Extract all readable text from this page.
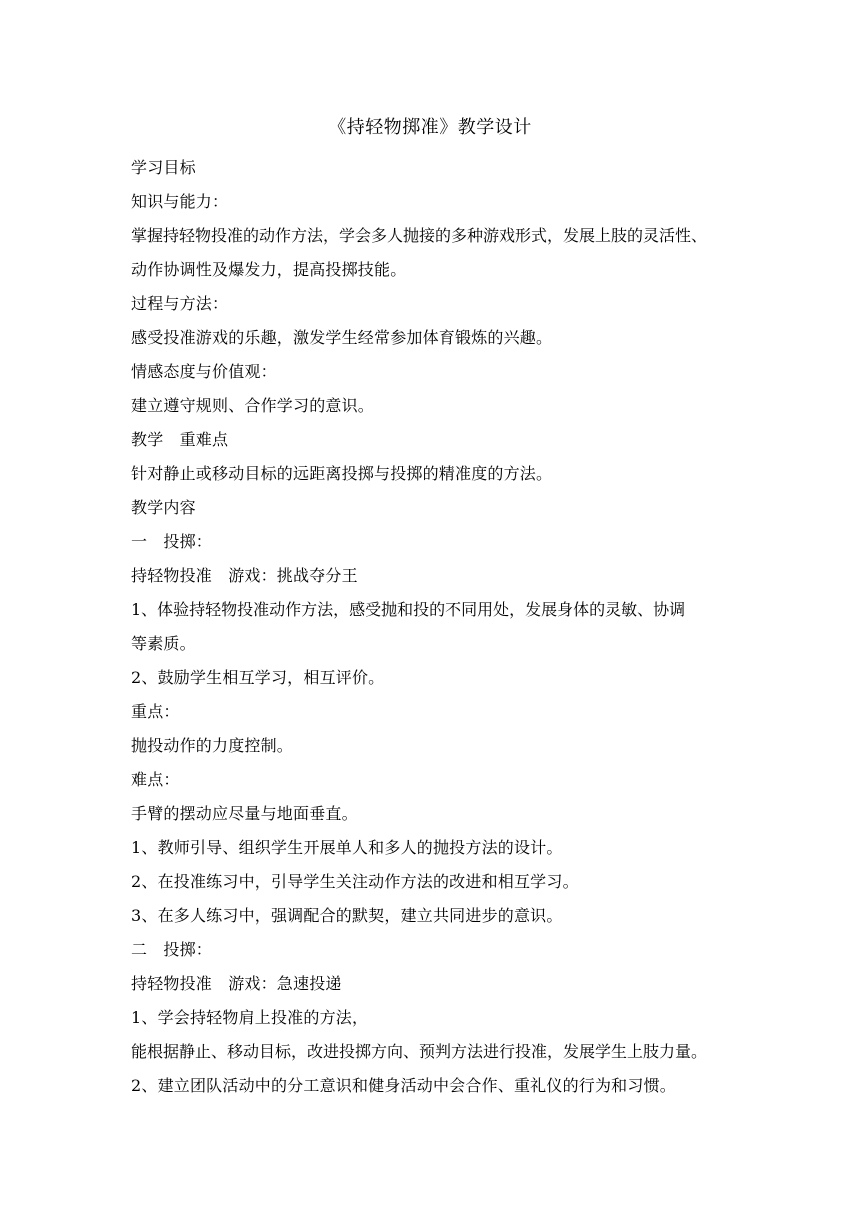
《持轻物掷准》教学设计
学习目标
知识与能力：
掌握持轻物投准的动作方法，学会多人抛接的多种游戏形式，发展上肢的灵活性、
动作协调性及爆发力，提高投掷技能。
过程与方法：
感受投准游戏的乐趣，激发学生经常参加体育锻炼的兴趣。
情感态度与价值观：
建立遵守规则、合作学习的意识。
教学　重难点
针对静止或移动目标的远距离投掷与投掷的精准度的方法。
教学内容
一　投掷：
持轻物投准　游戏：挑战夺分王
1、体验持轻物投准动作方法，感受抛和投的不同用处，发展身体的灵敏、协调
等素质。
2、鼓励学生相互学习，相互评价。
重点：
抛投动作的力度控制。
难点：
手臂的摆动应尽量与地面垂直。
1、教师引导、组织学生开展单人和多人的抛投方法的设计。
2、在投准练习中，引导学生关注动作方法的改进和相互学习。
3、在多人练习中，强调配合的默契，建立共同进步的意识。
二　投掷：
持轻物投准　游戏：急速投递
1、学会持轻物肩上投准的方法，
能根据静止、移动目标，改进投掷方向、预判方法进行投准，发展学生上肢力量。
2、建立团队活动中的分工意识和健身活动中会合作、重礼仪的行为和习惯。
